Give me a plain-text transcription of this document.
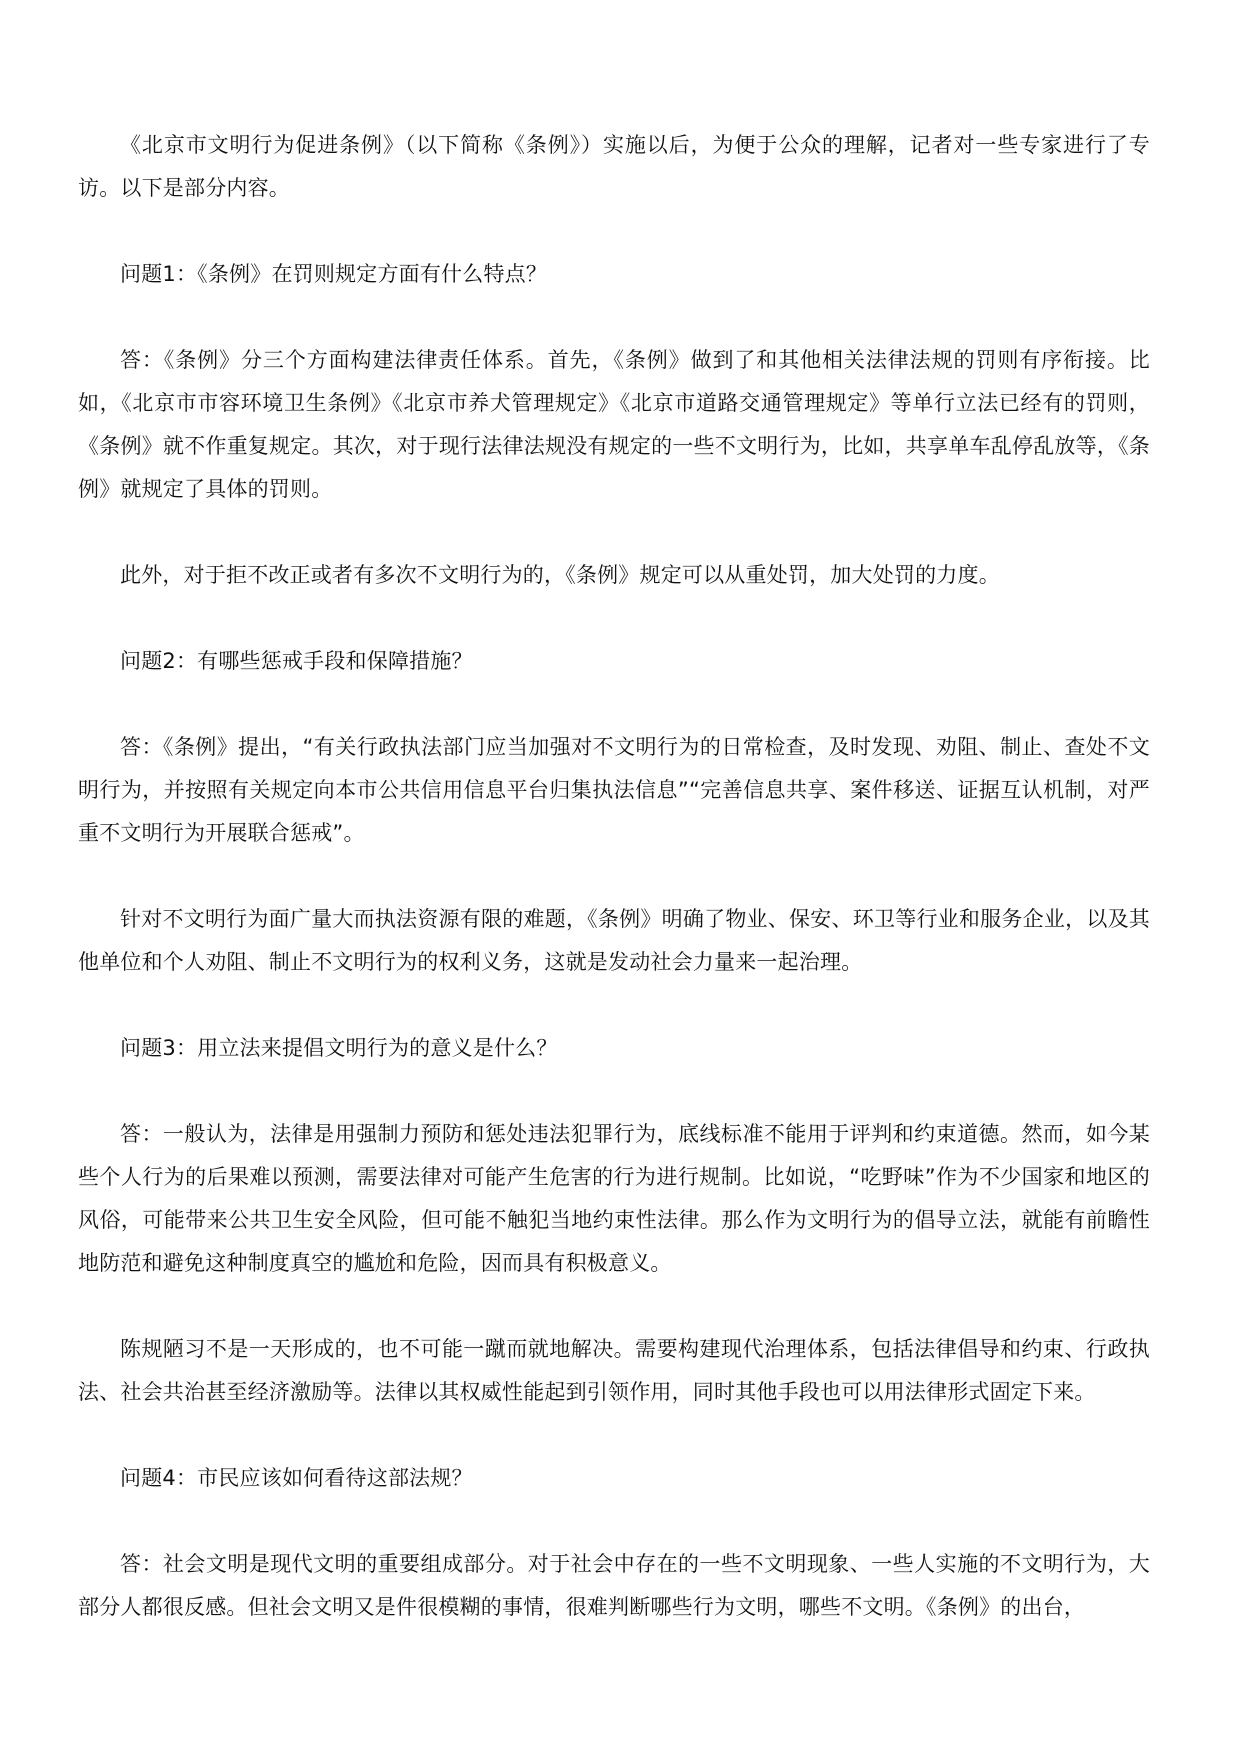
《北京市文明行为促进条例》（以下简称《条例》）实施以后，为便于公众的理解，记者对一些专家进行了专访。以下是部分内容。

问题1：《条例》在罚则规定方面有什么特点？

答：《条例》分三个方面构建法律责任体系。首先，《条例》做到了和其他相关法律法规的罚则有序衔接。比如，《北京市市容环境卫生条例》《北京市养犬管理规定》《北京市道路交通管理规定》等单行立法已经有的罚则，《条例》就不作重复规定。其次，对于现行法律法规没有规定的一些不文明行为，比如，共享单车乱停乱放等，《条例》就规定了具体的罚则。

此外，对于拒不改正或者有多次不文明行为的，《条例》规定可以从重处罚，加大处罚的力度。

问题2：有哪些惩戒手段和保障措施？

答：《条例》提出，“有关行政执法部门应当加强对不文明行为的日常检查，及时发现、劝阻、制止、查处不文明行为，并按照有关规定向本市公共信用信息平台归集执法信息”“完善信息共享、案件移送、证据互认机制，对严重不文明行为开展联合惩戒”。

针对不文明行为面广量大而执法资源有限的难题，《条例》明确了物业、保安、环卫等行业和服务企业，以及其他单位和个人劝阻、制止不文明行为的权利义务，这就是发动社会力量来一起治理。

问题3：用立法来提倡文明行为的意义是什么？

答：一般认为，法律是用强制力预防和惩处违法犯罪行为，底线标准不能用于评判和约束道德。然而，如今某些个人行为的后果难以预测，需要法律对可能产生危害的行为进行规制。比如说，“吃野味”作为不少国家和地区的风俗，可能带来公共卫生安全风险，但可能不触犯当地约束性法律。那么作为文明行为的倡导立法，就能有前瞻性地防范和避免这种制度真空的尴尬和危险，因而具有积极意义。

陈规陋习不是一天形成的，也不可能一蹴而就地解决。需要构建现代治理体系，包括法律倡导和约束、行政执法、社会共治甚至经济激励等。法律以其权威性能起到引领作用，同时其他手段也可以用法律形式固定下来。

问题4：市民应该如何看待这部法规？

答：社会文明是现代文明的重要组成部分。对于社会中存在的一些不文明现象、一些人实施的不文明行为，大部分人都很反感。但社会文明又是件很模糊的事情，很难判断哪些行为文明，哪些不文明。《条例》的出台，
